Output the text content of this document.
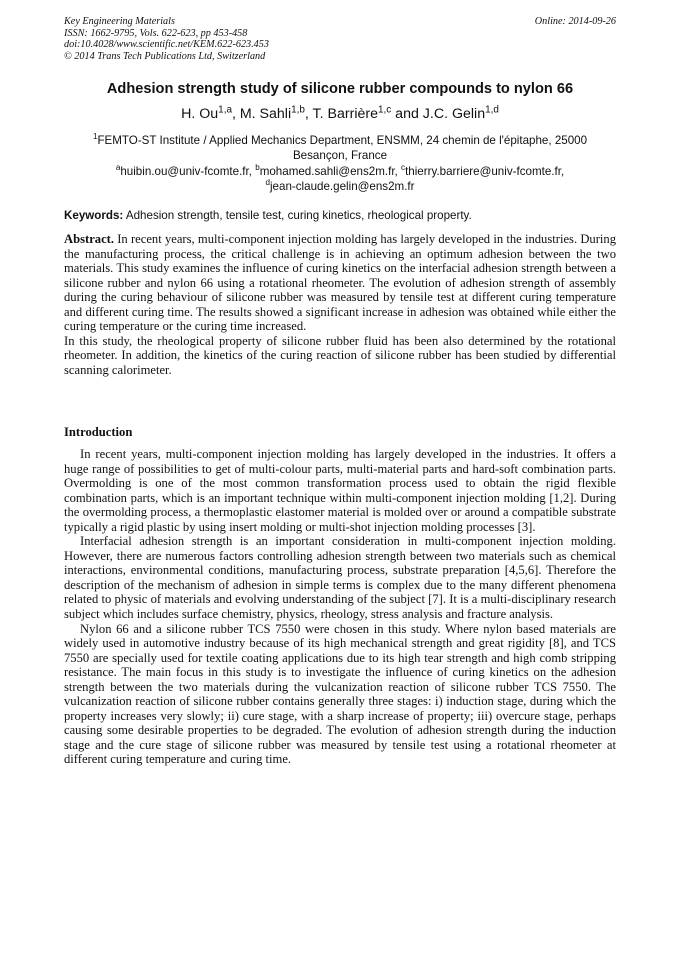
Key Engineering Materials
ISSN: 1662-9795, Vols. 622-623, pp 453-458
doi:10.4028/www.scientific.net/KEM.622-623.453
© 2014 Trans Tech Publications Ltd, Switzerland
Online: 2014-09-26
Adhesion strength study of silicone rubber compounds to nylon 66
H. Ou$^{1,a}$, M. Sahli$^{1,b}$, T. Barrière$^{1,c}$ and J.C. Gelin$^{1,d}$
$^1$FEMTO-ST Institute / Applied Mechanics Department, ENSMM, 24 chemin de l'épitaphe, 25000
Besançon, France
$^a$huibin.ou@univ-fcomte.fr, $^b$mohamed.sahli@ens2m.fr, $^c$thierry.barriere@univ-fcomte.fr,
$^d$jean-claude.gelin@ens2m.fr
Keywords: Adhesion strength, tensile test, curing kinetics, rheological property.

Abstract. In recent years, multi-component injection molding has largely developed in the industries. During the manufacturing process, the critical challenge is in achieving an optimum adhesion between the two materials. This study examines the influence of curing kinetics on the interfacial adhesion strength between a silicone rubber and nylon 66 using a rotational rheometer. The evolution of adhesion strength of assembly during the curing behaviour of silicone rubber was measured by tensile test at different curing temperature and different curing time. The results showed a significant increase in adhesion was obtained while either the curing temperature or the curing time increased.

In this study, the rheological property of silicone rubber fluid has been also determined by the rotational rheometer. In addition, the kinetics of the curing reaction of silicone rubber has been studied by differential scanning calorimeter.

Introduction

In recent years, multi-component injection molding has largely developed in the industries. It offers a huge range of possibilities to get of multi-colour parts, multi-material parts and hard-soft combination parts. Overmolding is one of the most common transformation process used to obtain the rigid flexible combination parts, which is an important technique within multi-component injection molding [1,2]. During the overmolding process, a thermoplastic elastomer material is molded over or around a compatible substrate typically a rigid plastic by using insert molding or multi-shot injection molding processes [3].

Interfacial adhesion strength is an important consideration in multi-component injection molding. However, there are numerous factors controlling adhesion strength between two materials such as chemical interactions, environmental conditions, manufacturing process, substrate preparation [4,5,6]. Therefore the description of the mechanism of adhesion in simple terms is complex due to the many different phenomena related to physic of materials and evolving understanding of the subject [7]. It is a multi-disciplinary research subject which includes surface chemistry, physics, rheology, stress analysis and fracture analysis.

Nylon 66 and a silicone rubber TCS 7550 were chosen in this study. Where nylon based materials are widely used in automotive industry because of its high mechanical strength and great rigidity [8], and TCS 7550 are specially used for textile coating applications due to its high tear strength and high comb stripping resistance. The main focus in this study is to investigate the influence of curing kinetics on the adhesion strength between the two materials during the vulcanization reaction of silicone rubber TCS 7550. The vulcanization reaction of silicone rubber contains generally three stages: i) induction stage, during which the property increases very slowly; ii) cure stage, with a sharp increase of property; iii) overcure stage, perhaps causing some desirable properties to be degraded. The evolution of adhesion strength during the induction stage and the cure stage of silicone rubber was measured by tensile test using a rotational rheometer at different curing temperature and curing time.
